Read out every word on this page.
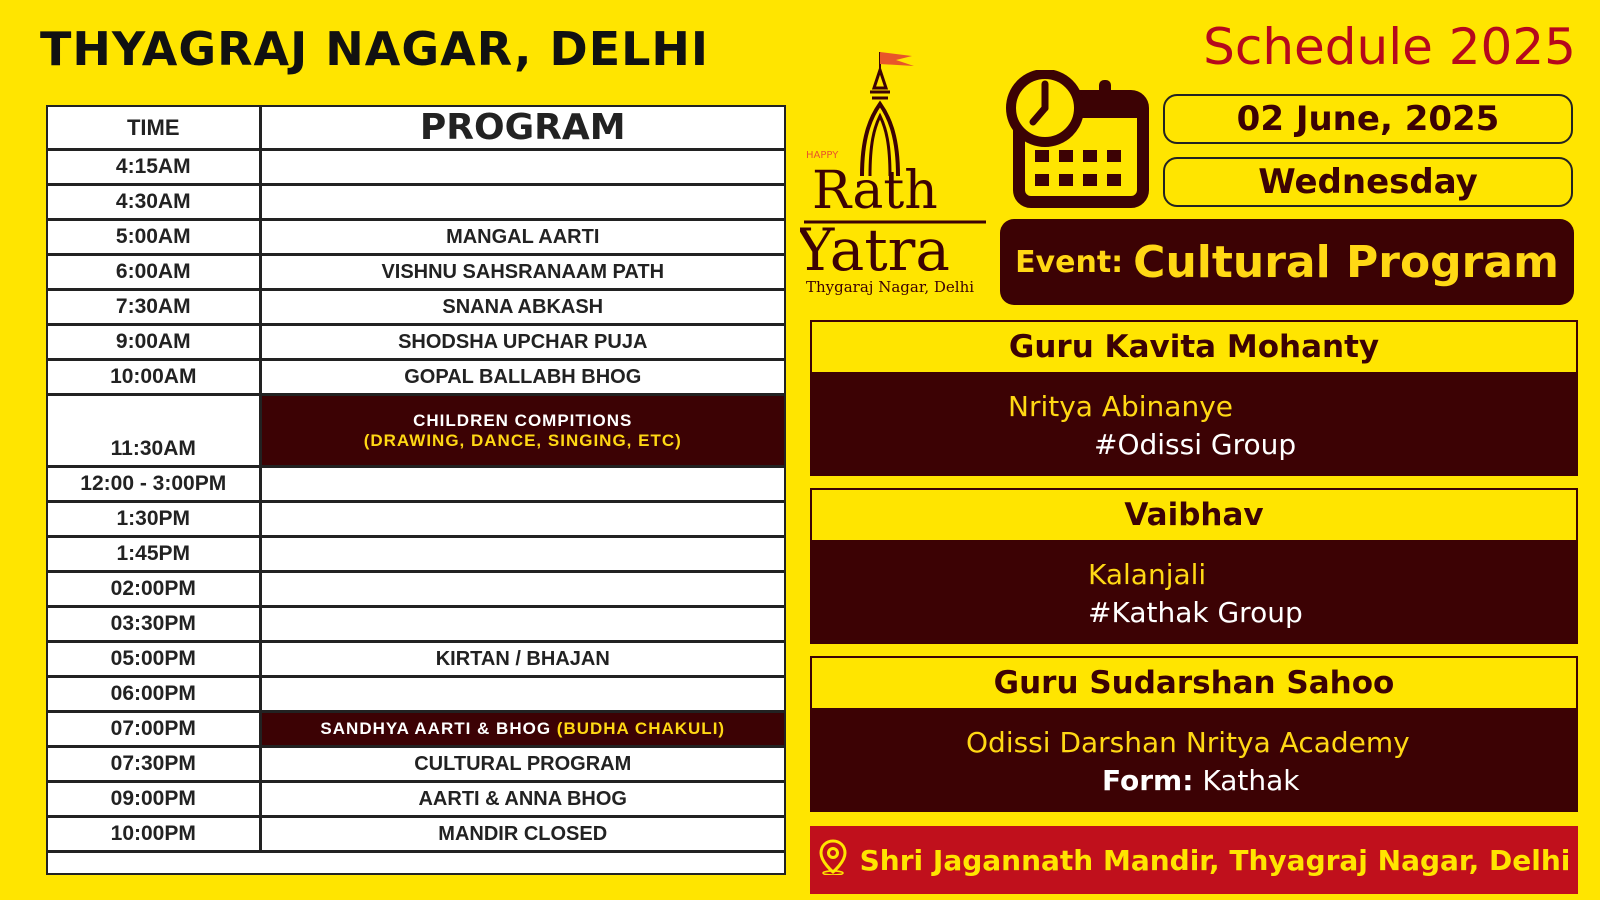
THYAGRAJ NAGAR, DELHI
TIME	PROGRAM
4:15AM	
4:30AM	
5:00AM	MANGAL AARTI
6:00AM	VISHNU SAHSRANAAM PATH
7:30AM	SNANA ABKASH
9:00AM	SHODSHA UPCHAR PUJA
10:00AM	GOPAL BALLABH BHOG
11:30AM	CHILDREN COMPITIONS
(DRAWING, DANCE, SINGING, ETC)

12:00 - 3:00PM	
1:30PM	
1:45PM	
02:00PM	
03:30PM	
05:00PM	KIRTAN / BHAJAN
06:00PM	
07:00PM	SANDHYA AARTI & BHOG (BUDHA CHAKULI)
07:30PM	CULTURAL PROGRAM
09:00PM	AARTI & ANNA BHOG
10:00PM	MANDIR CLOSED
HAPPY
Rath
Yatra
Thygaraj Nagar, Delhi
Schedule 2025
02 June, 2025
Wednesday
Event: Cultural Program
Guru Kavita Mohanty
Nritya Abinanye
#Odissi Group
Vaibhav
Kalanjali
#Kathak Group
Guru Sudarshan Sahoo
Odissi Darshan Nritya Academy
Form: Kathak
Shri Jagannath Mandir, Thyagraj Nagar, Delhi
